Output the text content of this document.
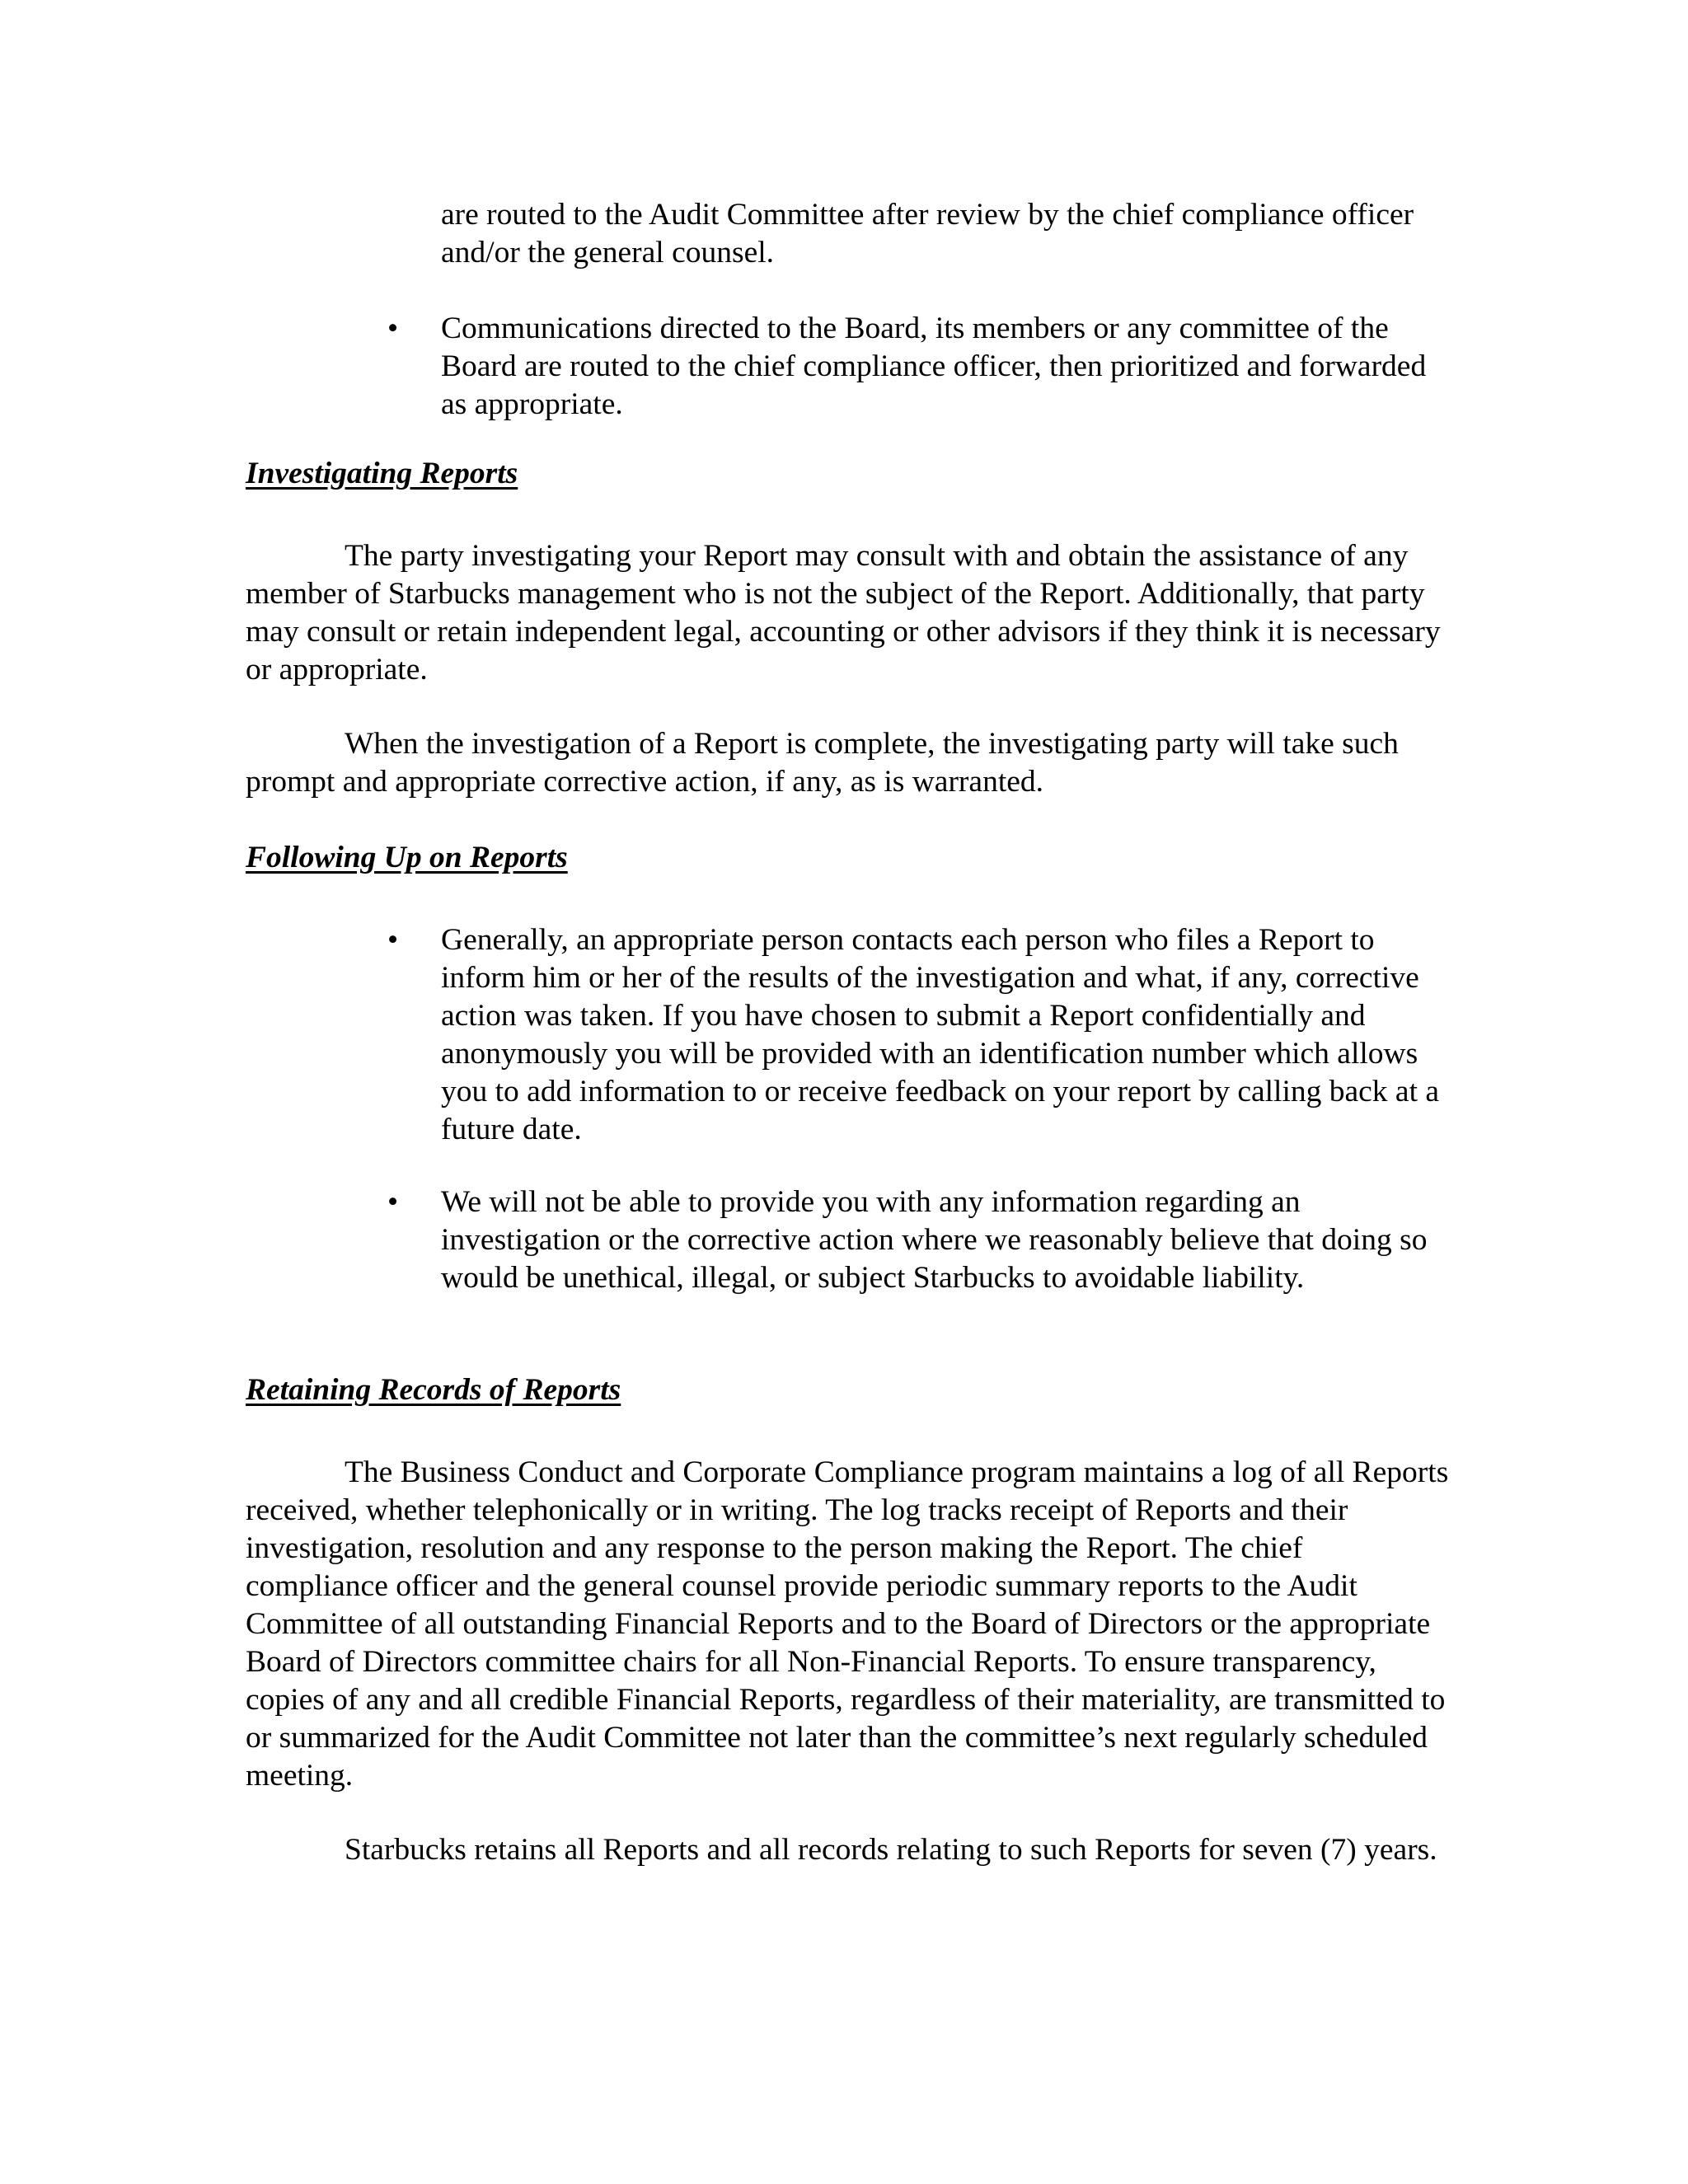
are routed to the Audit Committee after review by the chief compliance officer and/or the general counsel.

•	Communications directed to the Board, its members or any committee of the Board are routed to the chief compliance officer, then prioritized and forwarded as appropriate.

Investigating Reports

The party investigating your Report may consult with and obtain the assistance of any member of Starbucks management who is not the subject of the Report. Additionally, that party may consult or retain independent legal, accounting or other advisors if they think it is necessary or appropriate.

When the investigation of a Report is complete, the investigating party will take such prompt and appropriate corrective action, if any, as is warranted.

Following Up on Reports

•	Generally, an appropriate person contacts each person who files a Report to inform him or her of the results of the investigation and what, if any, corrective action was taken. If you have chosen to submit a Report confidentially and anonymously you will be provided with an identification number which allows you to add information to or receive feedback on your report by calling back at a future date.

•	We will not be able to provide you with any information regarding an investigation or the corrective action where we reasonably believe that doing so would be unethical, illegal, or subject Starbucks to avoidable liability.

Retaining Records of Reports

The Business Conduct and Corporate Compliance program maintains a log of all Reports received, whether telephonically or in writing. The log tracks receipt of Reports and their investigation, resolution and any response to the person making the Report. The chief compliance officer and the general counsel provide periodic summary reports to the Audit Committee of all outstanding Financial Reports and to the Board of Directors or the appropriate Board of Directors committee chairs for all Non-Financial Reports. To ensure transparency, copies of any and all credible Financial Reports, regardless of their materiality, are transmitted to or summarized for the Audit Committee not later than the committee’s next regularly scheduled meeting.

Starbucks retains all Reports and all records relating to such Reports for seven (7) years.
